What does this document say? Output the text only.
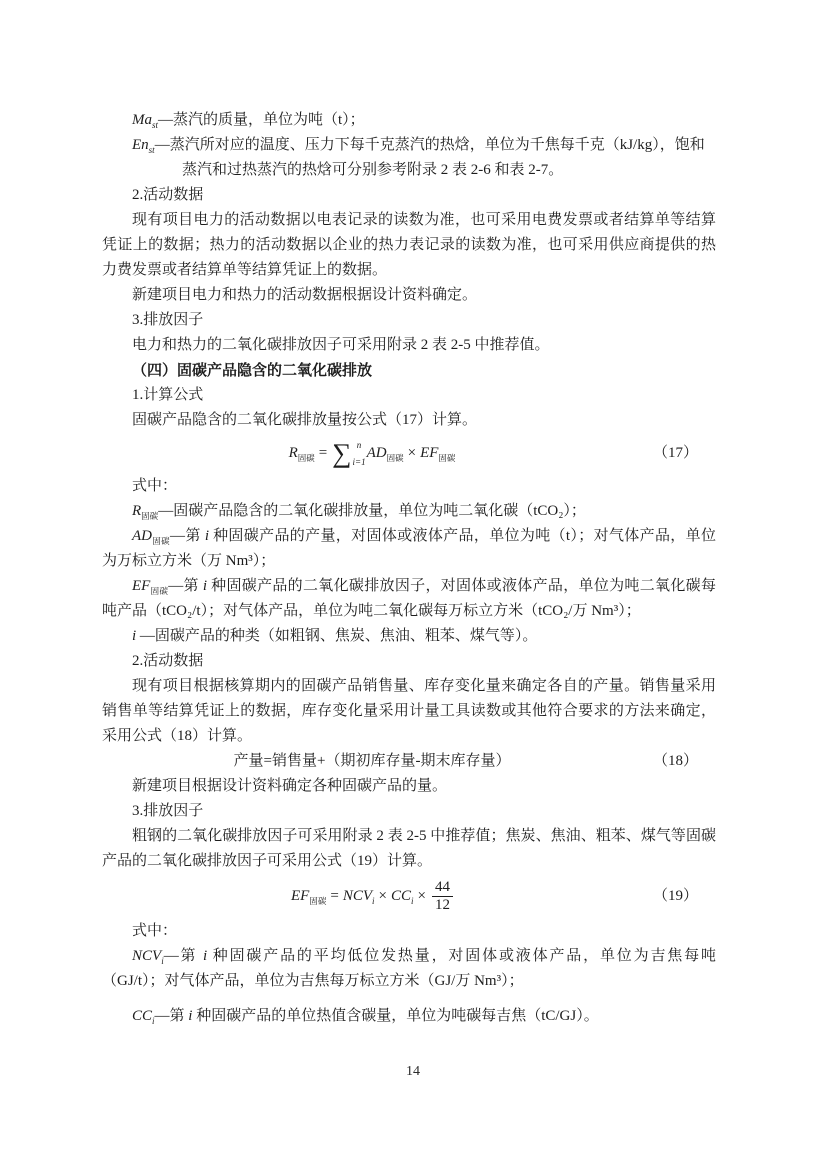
$Ma_{st}—$蒸汽的质量，单位为吨（t）；

$En_{st}—$蒸汽所对应的温度、压力下每千克蒸汽的热焓，单位为千焦每千克（kJ/kg），饱和蒸汽和过热蒸汽的热焓可分别参考附录 2 表 2-6 和表 2-7。

2.活动数据

现有项目电力的活动数据以电表记录的读数为准，也可采用电费发票或者结算单等结算凭证上的数据；热力的活动数据以企业的热力表记录的读数为准，也可采用供应商提供的热力费发票或者结算单等结算凭证上的数据。

新建项目电力和热力的活动数据根据设计资料确定。

3.排放因子

电力和热力的二氧化碳排放因子可采用附录 2 表 2-5 中推荐值。

（四）固碳产品隐含的二氧化碳排放

1.计算公式

固碳产品隐含的二氧化碳排放量按公式（17）计算。

$R_{固碳}$ = ∑ n
i=1
$AD_{固碳} \times EF_{固碳}$	（17）

式中：

$R_{固碳}—$固碳产品隐含的二氧化碳排放量，单位为吨二氧化碳（tCO₂）；

$AD_{固碳}—$第 i 种固碳产品的产量，对固体或液体产品，单位为吨（t）；对气体产品，单位为万标立方米（万 Nm³）；

$EF_{固碳}—$第 i 种固碳产品的二氧化碳排放因子，对固体或液体产品，单位为吨二氧化碳每吨产品（tCO₂/t）；对气体产品，单位为吨二氧化碳每万标立方米（tCO₂/万 Nm³）；

i —固碳产品的种类（如粗钢、焦炭、焦油、粗苯、煤气等）。

2.活动数据

现有项目根据核算期内的固碳产品销售量、库存变化量来确定各自的产量。销售量采用销售单等结算凭证上的数据，库存变化量采用计量工具读数或其他符合要求的方法来确定，采用公式（18）计算。

产量=销售量+（期初库存量-期末库存量）	（18）

新建项目根据设计资料确定各种固碳产品的量。

3.排放因子

粗钢的二氧化碳排放因子可采用附录 2 表 2-5 中推荐值；焦炭、焦油、粗苯、煤气等固碳产品的二氧化碳排放因子可采用公式（19）计算。

$EF_{固碳} = NCV_i \times CC_i \times \frac{44}{12}$	（19）

式中：

$NCV_i—$第 i 种固碳产品的平均低位发热量，对固体或液体产品，单位为吉焦每吨（GJ/t）；对气体产品，单位为吉焦每万标立方米（GJ/万 Nm³）；

$CC_i—$第 i 种固碳产品的单位热值含碳量，单位为吨碳每吉焦（tC/GJ）。

14
